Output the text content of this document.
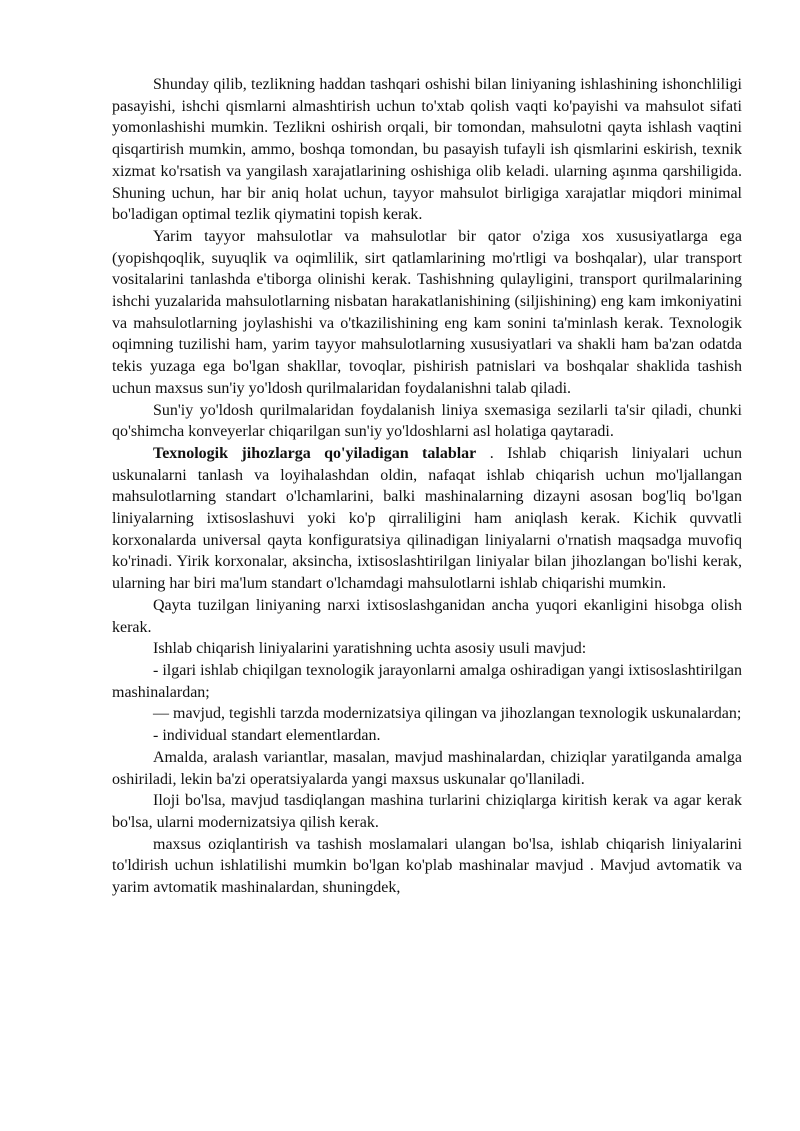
Shunday qilib, tezlikning haddan tashqari oshishi bilan liniyaning ishlashining ishonchliligi pasayishi, ishchi qismlarni almashtirish uchun to'xtab qolish vaqti ko'payishi va mahsulot sifati yomonlashishi mumkin. Tezlikni oshirish orqali, bir tomondan, mahsulotni qayta ishlash vaqtini qisqartirish mumkin, ammo, boshqa tomondan, bu pasayish tufayli ish qismlarini eskirish, texnik xizmat ko'rsatish va yangilash xarajatlarining oshishiga olib keladi. ularning aşınma qarshiligida. Shuning uchun, har bir aniq holat uchun, tayyor mahsulot birligiga xarajatlar miqdori minimal bo'ladigan optimal tezlik qiymatini topish kerak.

Yarim tayyor mahsulotlar va mahsulotlar bir qator o'ziga xos xususiyatlarga ega (yopishqoqlik, suyuqlik va oqimlilik, sirt qatlamlarining mo'rtligi va boshqalar), ular transport vositalarini tanlashda e'tiborga olinishi kerak. Tashishning qulayligini, transport qurilmalarining ishchi yuzalarida mahsulotlarning nisbatan harakatlanishining (siljishining) eng kam imkoniyatini va mahsulotlarning joylashishi va o'tkazilishining eng kam sonini ta'minlash kerak. Texnologik oqimning tuzilishi ham, yarim tayyor mahsulotlarning xususiyatlari va shakli ham ba'zan odatda tekis yuzaga ega bo'lgan shakllar, tovoqlar, pishirish patnislari va boshqalar shaklida tashish uchun maxsus sun'iy yo'ldosh qurilmalaridan foydalanishni talab qiladi.

Sun'iy yo'ldosh qurilmalaridan foydalanish liniya sxemasiga sezilarli ta'sir qiladi, chunki qo'shimcha konveyerlar chiqarilgan sun'iy yo'ldoshlarni asl holatiga qaytaradi.

Texnologik jihozlarga qo'yiladigan talablar . Ishlab chiqarish liniyalari uchun uskunalarni tanlash va loyihalashdan oldin, nafaqat ishlab chiqarish uchun mo'ljallangan mahsulotlarning standart o'lchamlarini, balki mashinalarning dizayni asosan bog'liq bo'lgan liniyalarning ixtisoslashuvi yoki ko'p qirraliligini ham aniqlash kerak. Kichik quvvatli korxonalarda universal qayta konfiguratsiya qilinadigan liniyalarni o'rnatish maqsadga muvofiq ko'rinadi. Yirik korxonalar, aksincha, ixtisoslashtirilgan liniyalar bilan jihozlangan bo'lishi kerak, ularning har biri ma'lum standart o'lchamdagi mahsulotlarni ishlab chiqarishi mumkin.

Qayta tuzilgan liniyaning narxi ixtisoslashganidan ancha yuqori ekanligini hisobga olish kerak.

Ishlab chiqarish liniyalarini yaratishning uchta asosiy usuli mavjud:

- ilgari ishlab chiqilgan texnologik jarayonlarni amalga oshiradigan yangi ixtisoslashtirilgan mashinalardan;

— mavjud, tegishli tarzda modernizatsiya qilingan va jihozlangan texnologik uskunalardan;

- individual standart elementlardan.

Amalda, aralash variantlar, masalan, mavjud mashinalardan, chiziqlar yaratilganda amalga oshiriladi, lekin ba'zi operatsiyalarda yangi maxsus uskunalar qo'llaniladi.

Iloji bo'lsa, mavjud tasdiqlangan mashina turlarini chiziqlarga kiritish kerak va agar kerak bo'lsa, ularni modernizatsiya qilish kerak.

maxsus oziqlantirish va tashish moslamalari ulangan bo'lsa, ishlab chiqarish liniyalarini to'ldirish uchun ishlatilishi mumkin bo'lgan ko'plab mashinalar mavjud . Mavjud avtomatik va yarim avtomatik mashinalardan, shuningdek,
